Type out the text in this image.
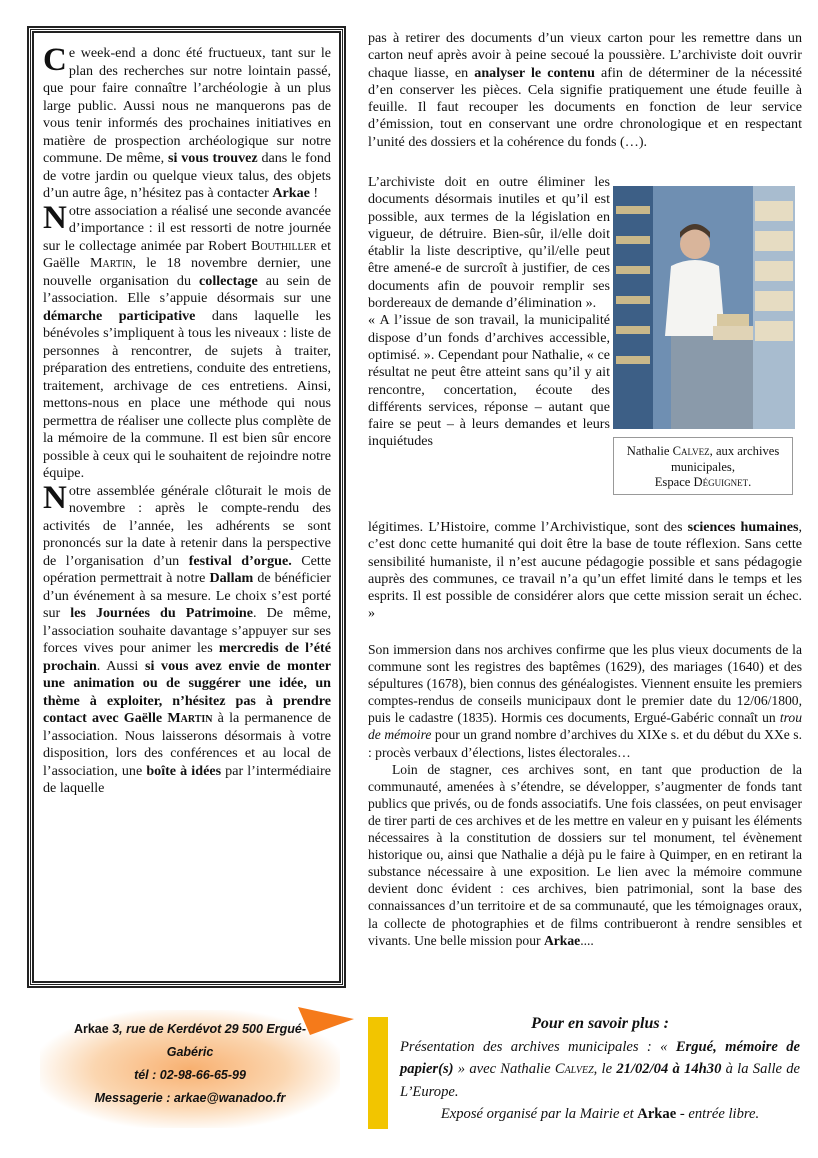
Ce week-end a donc été fructueux, tant sur le plan des recherches sur notre lointain passé, que pour faire connaître l’archéologie à un plus large public. Aussi nous ne manquerons pas de vous tenir informés des prochaines initiatives en matière de prospection archéologique sur notre commune. De même, si vous trouvez dans le fond de votre jardin ou quelque vieux talus, des objets d’un autre âge, n’hésitez pas à contacter Arkae !

Notre association a réalisé une seconde avancée d’importance : il est ressorti de notre journée sur le collectage animée par Robert Bouthiller et Gaëlle Martin, le 18 novembre dernier, une nouvelle organisation du collectage au sein de l’association. Elle s’appuie désormais sur une démarche participative dans laquelle les bénévoles s’impliquent à tous les niveaux : liste de personnes à rencontrer, de sujets à traiter, préparation des entretiens, conduite des entretiens, traitement, archivage de ces entretiens. Ainsi, mettons-nous en place une méthode qui nous permettra de réaliser une collecte plus complète de la mémoire de la commune. Il est bien sûr encore possible à ceux qui le souhaitent de rejoindre notre équipe.

Notre assemblée générale clôturait le mois de novembre : après le compte-rendu des activités de l’année, les adhérents se sont prononcés sur la date à retenir dans la perspective de l’organisation d’un festival d’orgue. Cette opération permettrait à notre Dallam de bénéficier d’un événement à sa mesure. Le choix s’est porté sur les Journées du Patrimoine. De même, l’association souhaite davantage s’appuyer sur ses forces vives pour animer les mercredis de l’été prochain. Aussi si vous avez envie de monter une animation ou de suggérer une idée, un thème à exploiter, n’hésitez pas à prendre contact avec Gaëlle Martin à la permanence de l’association. Nous laisserons désormais à votre disposition, lors des conférences et au local de l’association, une boîte à idées par l’intermédiaire de laquelle

pas à retirer des documents d’un vieux carton pour les remettre dans un carton neuf après avoir à peine secoué la poussière. L’archiviste doit ouvrir chaque liasse, en analyser le contenu afin de déterminer de la nécessité d’en conserver les pièces. Cela signifie pratiquement une étude feuille à feuille. Il faut recouper les documents en fonction de leur service d’émission, tout en conservant une ordre chronologique et en respectant l’unité des dossiers et la cohérence du fonds (…).

L’archiviste doit en outre éliminer les documents désormais inutiles et qu’il est possible, aux termes de la législation en vigueur, de détruire. Bien-sûr, il/elle doit établir la liste descriptive, qu’il/elle peut être amené-e de surcroît à justifier, de ces documents afin de pouvoir remplir ses bordereaux de demande d’élimination ».

« A l’issue de son travail, la municipalité dispose d’un fonds d’archives accessible, optimisé. ». Cependant pour Nathalie, « ce résultat ne peut être atteint sans qu’il y ait rencontre, concertation, écoute des différents services, réponse – autant que faire se peut – à leurs demandes et leurs inquiétudes

Nathalie Calvez, aux archives municipales,
Espace Déguignet.

légitimes. L’Histoire, comme l’Archivistique, sont des sciences humaines, c’est donc cette humanité qui doit être la base de toute réflexion. Sans cette sensibilité humaniste, il n’est aucune pédagogie possible et sans pédagogie auprès des communes, ce travail n’a qu’un effet limité dans le temps et les esprits. Il est possible de considérer alors que cette mission serait un échec. »

Son immersion dans nos archives confirme que les plus vieux documents de la commune sont les registres des baptêmes (1629), des mariages (1640) et des sépultures (1678), bien connus des généalogistes. Viennent ensuite les premiers comptes-rendus de conseils municipaux dont le premier date du 12/06/1800, puis le cadastre (1835). Hormis ces documents, Ergué-Gabéric connaît un trou de mémoire pour un grand nombre d’archives du XIXe s. et du début du XXe s. : procès verbaux d’élections, listes électorales…

Loin de stagner, ces archives sont, en tant que production de la communauté, amenées à s’étendre, se développer, s’augmenter de fonds tant publics que privés, ou de fonds associatifs. Une fois classées, on peut envisager de tirer parti de ces archives et de les mettre en valeur en y puisant les éléments nécessaires à la constitution de dossiers sur tel monument, tel évènement historique ou, ainsi que Nathalie a déjà pu le faire à Quimper, en en retirant la substance nécessaire à une exposition. Le lien avec la mémoire commune devient donc évident : ces archives, bien patrimonial, sont la base des connaissances d’un territoire et de sa communauté, que les témoignages oraux, la collecte de photographies et de films contribueront à rendre sensibles et vivants. Une belle mission pour Arkae....

Arkae 3, rue de Kerdévot 29 500 Ergué-Gabéric
tél : 02-98-66-65-99
Messagerie : arkae@wanadoo.fr

Pour en savoir plus :

Présentation des archives municipales : « Ergué, mémoire de papier(s) » avec Nathalie Calvez, le 21/02/04 à 14h30 à la Salle de L’Europe.

Exposé organisé par la Mairie et Arkae - entrée libre.
